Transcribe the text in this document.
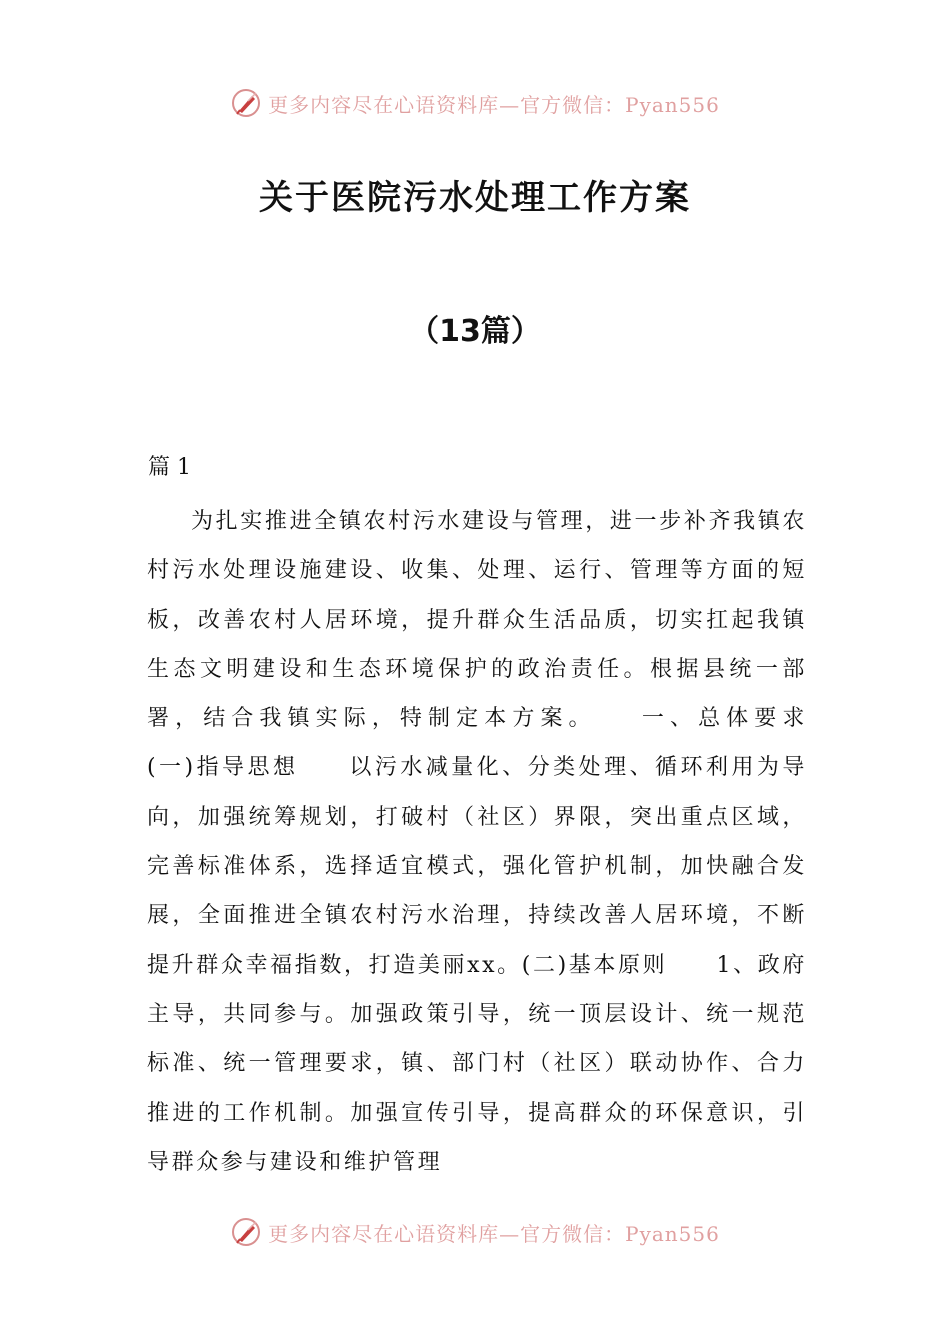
更多内容尽在心语资料库—官方微信：Pyan556
关于医院污水处理工作方案
（13篇）
篇 1

为扎实推进全镇农村污水建设与管理，进一步补齐我镇农村污水处理设施建设、收集、处理、运行、管理等方面的短板，改善农村人居环境，提升群众生活品质，切实扛起我镇生态文明建设和生态环境保护的政治责任。根据县统一部署，结合我镇实际，特制定本方案。　　一、总体要求　　(一)指导思想　　以污水减量化、分类处理、循环利用为导向，加强统筹规划，打破村（社区）界限，突出重点区域，完善标准体系，选择适宜模式，强化管护机制，加快融合发展，全面推进全镇农村污水治理，持续改善人居环境，不断提升群众幸福指数，打造美丽xx。(二)基本原则　　1、政府主导，共同参与。加强政策引导，统一顶层设计、统一规范标准、统一管理要求，镇、部门村（社区）联动协作、合力推进的工作机制。加强宣传引导，提高群众的环保意识，引导群众参与建设和维护管理

更多内容尽在心语资料库—官方微信：Pyan556
